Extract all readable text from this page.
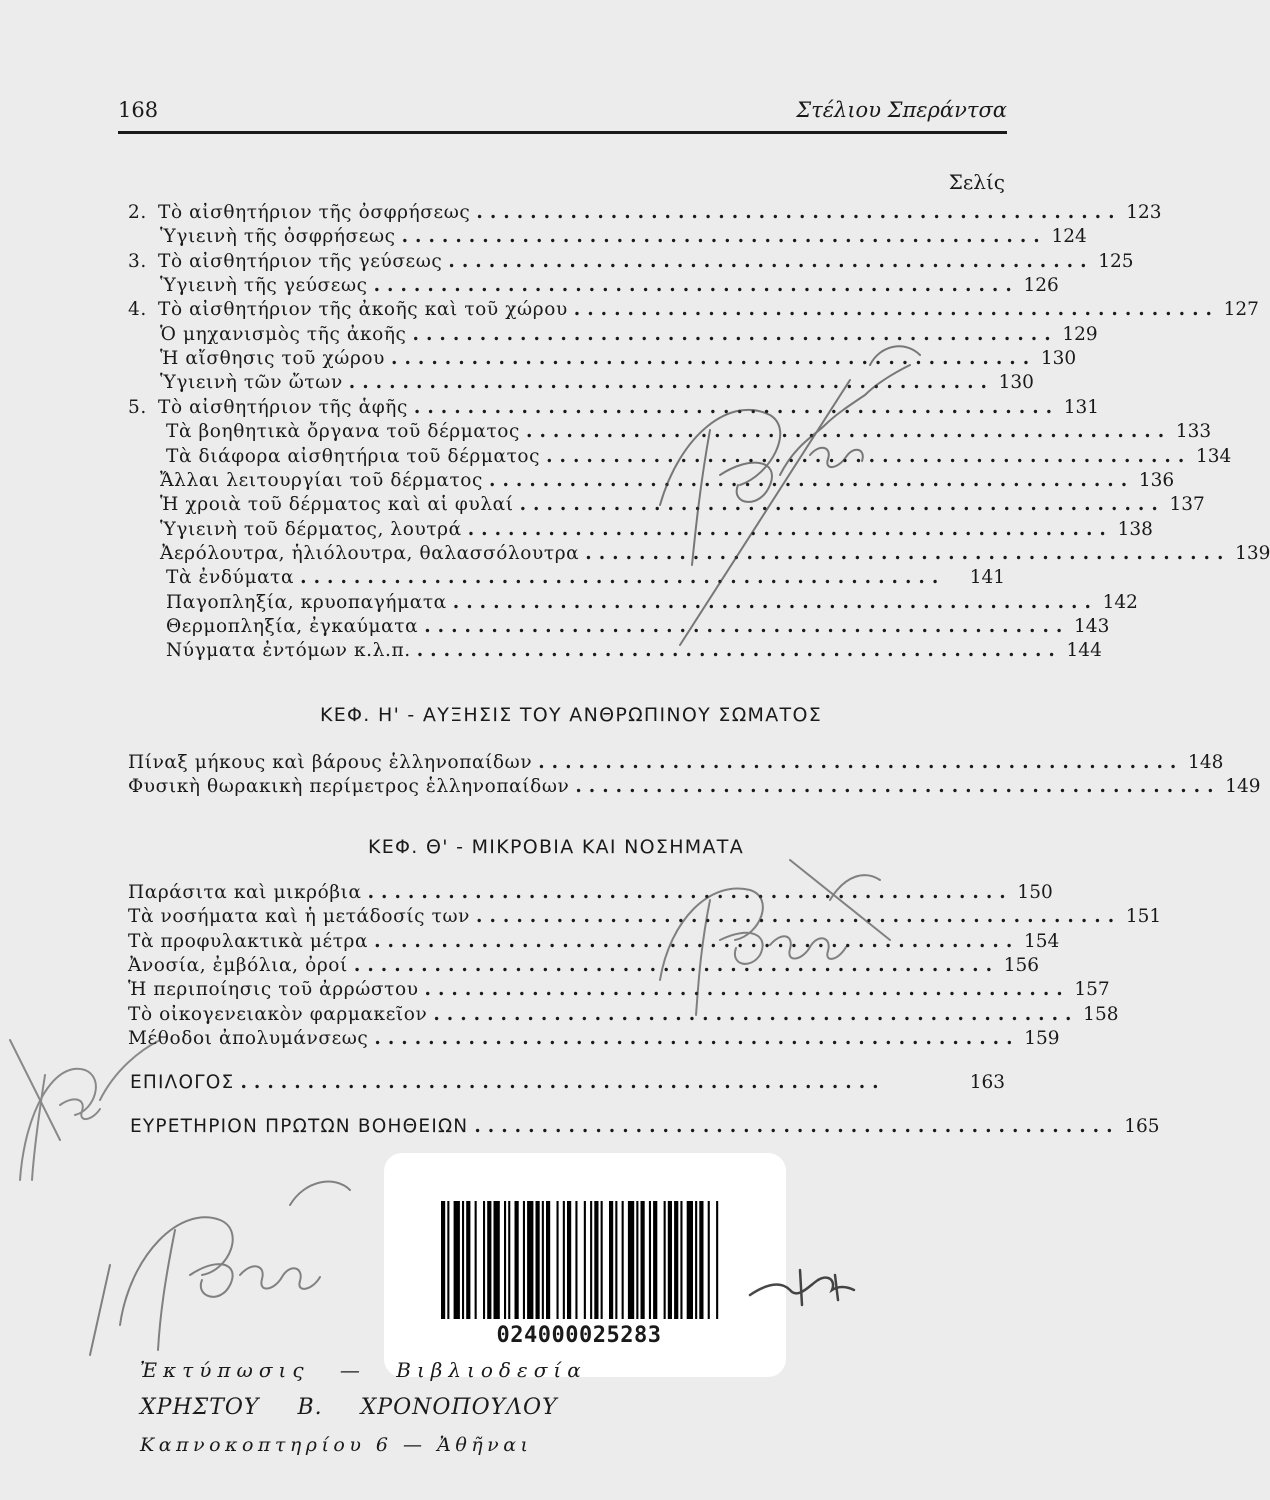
168	Στέλιου Σπεράντσα
Σελίς
2. Τὸ αἰσθητήριον τῆς ὀσφρήσεως ................................................ 123
Ὑγιεινὴ τῆς ὀσφρήσεως ................................................ 124
3. Τὸ αἰσθητήριον τῆς γεύσεως ................................................ 125
Ὑγιεινὴ τῆς γεύσεως ................................................ 126
4. Τὸ αἰσθητήριον τῆς ἀκοῆς καὶ τοῦ χώρου ................................................ 127
Ὁ μηχανισμὸς τῆς ἀκοῆς ................................................ 129
Ἡ αἴσθησις τοῦ χώρου ................................................ 130
Ὑγιεινὴ τῶν ὤτων ................................................ 130
5. Τὸ αἰσθητήριον τῆς ἁφῆς ................................................ 131
Τὰ βοηθητικὰ ὄργανα τοῦ δέρματος ................................................ 133
Τὰ διάφορα αἰσθητήρια τοῦ δέρματος ................................................ 134
Ἄλλαι λειτουργίαι τοῦ δέρματος ................................................ 136
Ἡ χροιὰ τοῦ δέρματος καὶ αἱ φυλαί ................................................ 137
Ὑγιεινὴ τοῦ δέρματος, λουτρά ................................................ 138
Ἀερόλουτρα, ἡλιόλουτρα, θαλασσόλουτρα ................................................ 139
Τὰ ἐνδύματα ................................................	141
Παγοπληξία, κρυοπαγήματα ................................................ 142
Θερμοπληξία, ἐγκαύματα ................................................ 143
Νύγματα ἐντόμων κ.λ.π. ................................................ 144
Πίναξ μήκους καὶ βάρους ἑλληνοπαίδων ................................................ 148
Φυσικὴ θωρακικὴ περίμετρος ἑλληνοπαίδων ................................................ 149
Παράσιτα καὶ μικρόβια ................................................ 150
Τὰ νοσήματα καὶ ἡ μετάδοσίς των ................................................ 151
Τὰ προφυλακτικὰ μέτρα ................................................ 154
Ἀνοσία, ἐμβόλια, ὀροί ................................................ 156
Ἡ περιποίησις τοῦ ἀρρώστου ................................................ 157
Τὸ οἰκογενειακὸν φαρμακεῖον ................................................ 158
Μέθοδοι ἀπολυμάνσεως ................................................ 159
ΕΠΙΛΟΓΟΣ ................................................	163
ΕΥΡΕΤΗΡΙΟΝ ΠΡΩΤΩΝ ΒΟΗΘΕΙΩΝ ................................................ 165
ΚΕΦ. Η' - ΑΥΞΗΣΙΣ ΤΟΥ ΑΝΘΡΩΠΙΝΟΥ ΣΩΜΑΤΟΣ
ΚΕΦ. Θ' - ΜΙΚΡΟΒΙΑ ΚΑΙ ΝΟΣΗΜΑΤΑ
024000025283
Ἐκτύπωσις — Βιβλιοδεσία
ΧΡΗΣΤΟΥ Β. ΧΡΟΝΟΠΟΥΛΟΥ
Καπνοκοπτηρίου 6 — Ἀθῆναι
